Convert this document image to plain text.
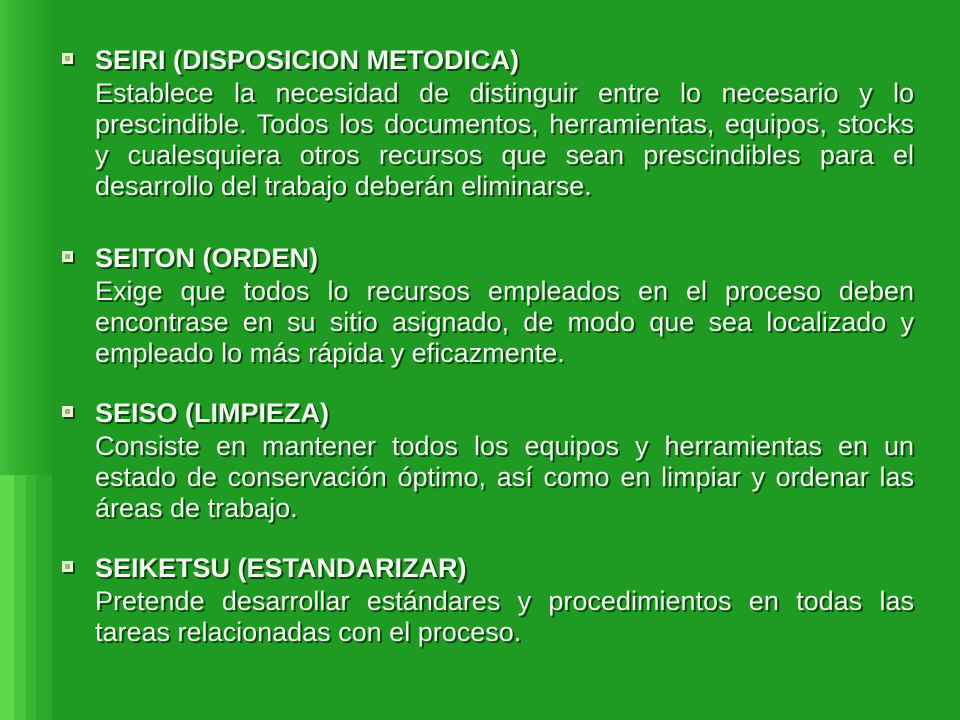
SEIRI (DISPOSICION METODICA)
Establece la necesidad de distinguir entre lo necesario y lo prescindible. Todos los documentos, herramientas, equipos, stocks y cualesquiera otros recursos que sean prescindibles para el desarrollo del trabajo deberán eliminarse.
SEITON (ORDEN)
Exige que todos lo recursos empleados en el proceso deben encontrase en su sitio asignado, de modo que sea localizado y empleado lo más rápida y eficazmente.
SEISO (LIMPIEZA)
Consiste en mantener todos los equipos y herramientas en un estado de conservación óptimo, así como en limpiar y ordenar las áreas de trabajo.
SEIKETSU (ESTANDARIZAR)
Pretende desarrollar estándares y procedimientos en todas las tareas relacionadas con el proceso.
